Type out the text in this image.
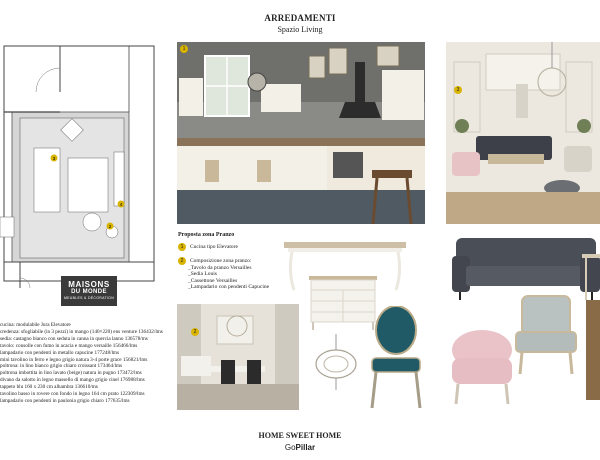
ARREDAMENTI
Spazio Living
3
4
2
MAISONS
DU MONDE
MEUBLES & DÉCORATION
cucina: modulabile Jura Elevatore
credenza: sfogliabile (in 3 pezzi) in mango (140×220) ens venture 136432/lms
sedia: castagno bianco con seduta in canna in quercia lanno 136578/ms
tavolo: consolle con fumo in acacia e mango versaille 156466/lms
lampadario con pendenti in metallo capucine 177248/lms
mini tavolino in ferro e legno grigio natura 3-4 porte grace 156821/lms
poltrona: in lino bianco grigio chiaro croissant 173464/lms
poltrona imbottita in lino lavato (beige) natura in pugno 173472/lms
divano da salotto in legno massello di mango grigio cinel 176988/lms
tappeto blu 160 x 230 cm alhambra 136610/ms
tavolino basso in rovere con fondo in legno 164 cm prato 122309/lms
lampadario con pendenti in paulonia grigio chiaro 177635/lms
1
3
2
Proposta zona Pranzo
1	Cucina tipo Elevatore
2	Composizione zona pranzo:
_Tavolo da pranzo Versailles
_Sedia Louis
_Cassettone Versailles
_Lampadario con pendenti Capucine
HOME SWEET HOME
GoPillar
